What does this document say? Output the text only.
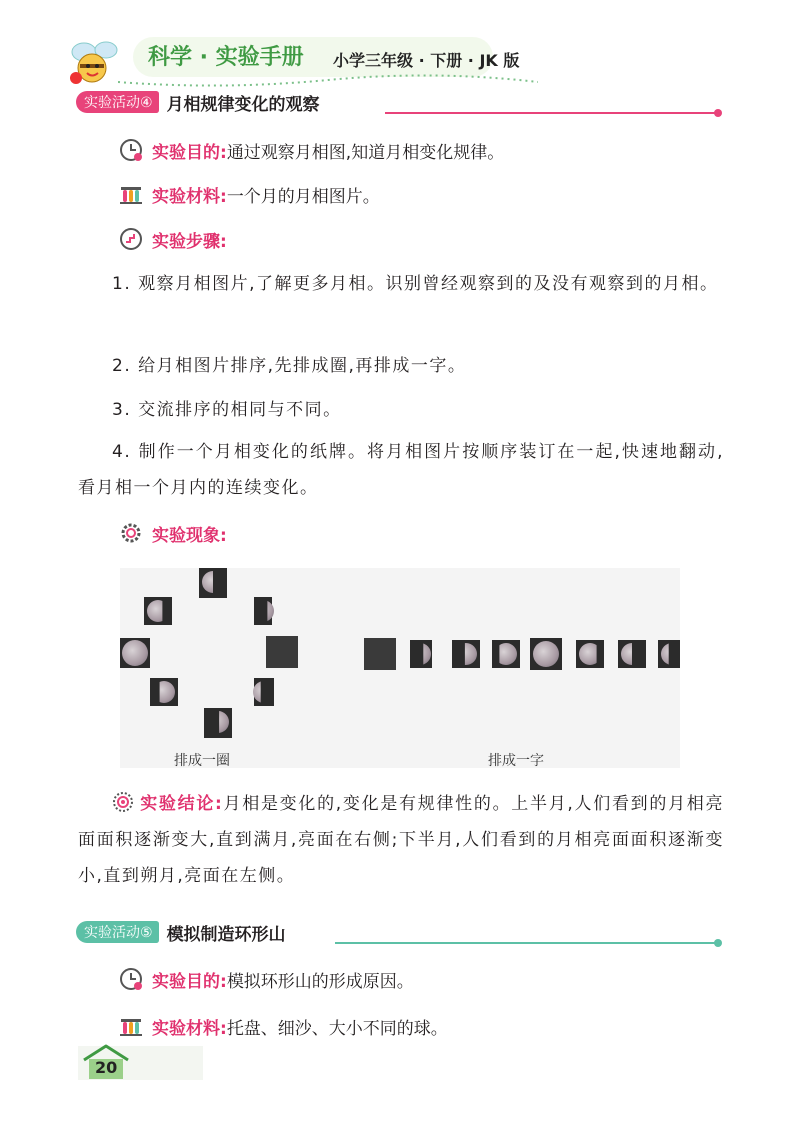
科学 · 实验手册 小学三年级 · 下册 · JK 版
实验活动④ 月相规律变化的观察
实验目的: 通过观察月相图,知道月相变化规律。
实验材料: 一个月的月相图片。
实验步骤:
1. 观察月相图片,了解更多月相。识别曾经观察到的及没有观察到的月相。
2. 给月相图片排序,先排成圈,再排成一字。
3. 交流排序的相同与不同。
4. 制作一个月相变化的纸牌。将月相图片按顺序装订在一起,快速地翻动,看月相一个月内的连续变化。
实验现象:
排成一圈	排成一字
实验结论:月相是变化的,变化是有规律性的。上半月,人们看到的月相亮面面积逐渐变大,直到满月,亮面在右侧;下半月,人们看到的月相亮面面积逐渐变小,直到朔月,亮面在左侧。
实验活动⑤ 模拟制造环形山
实验目的: 模拟环形山的形成原因。
实验材料: 托盘、细沙、大小不同的球。
20
